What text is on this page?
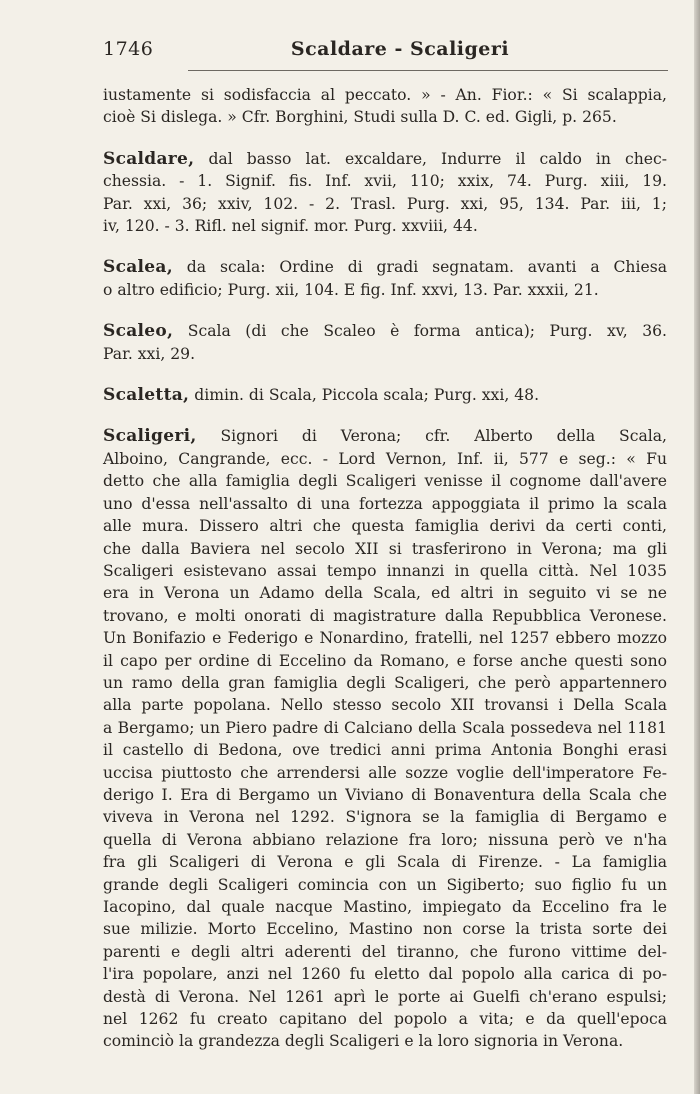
1746	Scaldare - Scaligeri
iustamente si sodisfaccia al peccato. » - An. Fior.: « Si scalappia,
cioè Si dislega. » Cfr. Borghini, Studi sulla D. C. ed. Gigli, p. 265.
Scaldare, dal basso lat. excaldare, Indurre il caldo in chec-
chessia. - 1. Signif. fis. Inf. xvii, 110; xxix, 74. Purg. xiii, 19.
Par. xxi, 36; xxiv, 102. - 2. Trasl. Purg. xxi, 95, 134. Par. iii, 1;
iv, 120. - 3. Rifl. nel signif. mor. Purg. xxviii, 44.
Scalea, da scala: Ordine di gradi segnatam. avanti a Chiesa
o altro edificio; Purg. xii, 104. E fig. Inf. xxvi, 13. Par. xxxii, 21.
Scaleo, Scala (di che Scaleo è forma antica); Purg. xv, 36.
Par. xxi, 29.
Scaletta, dimin. di Scala, Piccola scala; Purg. xxi, 48.
Scaligeri, Signori di Verona; cfr. Alberto della Scala,
Alboino, Cangrande, ecc. - Lord Vernon, Inf. ii, 577 e seg.: « Fu
detto che alla famiglia degli Scaligeri venisse il cognome dall'avere
uno d'essa nell'assalto di una fortezza appoggiata il primo la scala
alle mura. Dissero altri che questa famiglia derivi da certi conti,
che dalla Baviera nel secolo XII si trasferirono in Verona; ma gli
Scaligeri esistevano assai tempo innanzi in quella città. Nel 1035
era in Verona un Adamo della Scala, ed altri in seguito vi se ne
trovano, e molti onorati di magistrature dalla Repubblica Veronese.
Un Bonifazio e Federigo e Nonardino, fratelli, nel 1257 ebbero mozzo
il capo per ordine di Eccelino da Romano, e forse anche questi sono
un ramo della gran famiglia degli Scaligeri, che però appartennero
alla parte popolana. Nello stesso secolo XII trovansi i Della Scala
a Bergamo; un Piero padre di Calciano della Scala possedeva nel 1181
il castello di Bedona, ove tredici anni prima Antonia Bonghi erasi
uccisa piuttosto che arrendersi alle sozze voglie dell'imperatore Fe-
derigo I. Era di Bergamo un Viviano di Bonaventura della Scala che
viveva in Verona nel 1292. S'ignora se la famiglia di Bergamo e
quella di Verona abbiano relazione fra loro; nissuna però ve n'ha
fra gli Scaligeri di Verona e gli Scala di Firenze. - La famiglia
grande degli Scaligeri comincia con un Sigiberto; suo figlio fu un
Iacopino, dal quale nacque Mastino, impiegato da Eccelino fra le
sue milizie. Morto Eccelino, Mastino non corse la trista sorte dei
parenti e degli altri aderenti del tiranno, che furono vittime del-
l'ira popolare, anzi nel 1260 fu eletto dal popolo alla carica di po-
destà di Verona. Nel 1261 aprì le porte ai Guelfi ch'erano espulsi;
nel 1262 fu creato capitano del popolo a vita; e da quell'epoca
cominciò la grandezza degli Scaligeri e la loro signoria in Verona.
